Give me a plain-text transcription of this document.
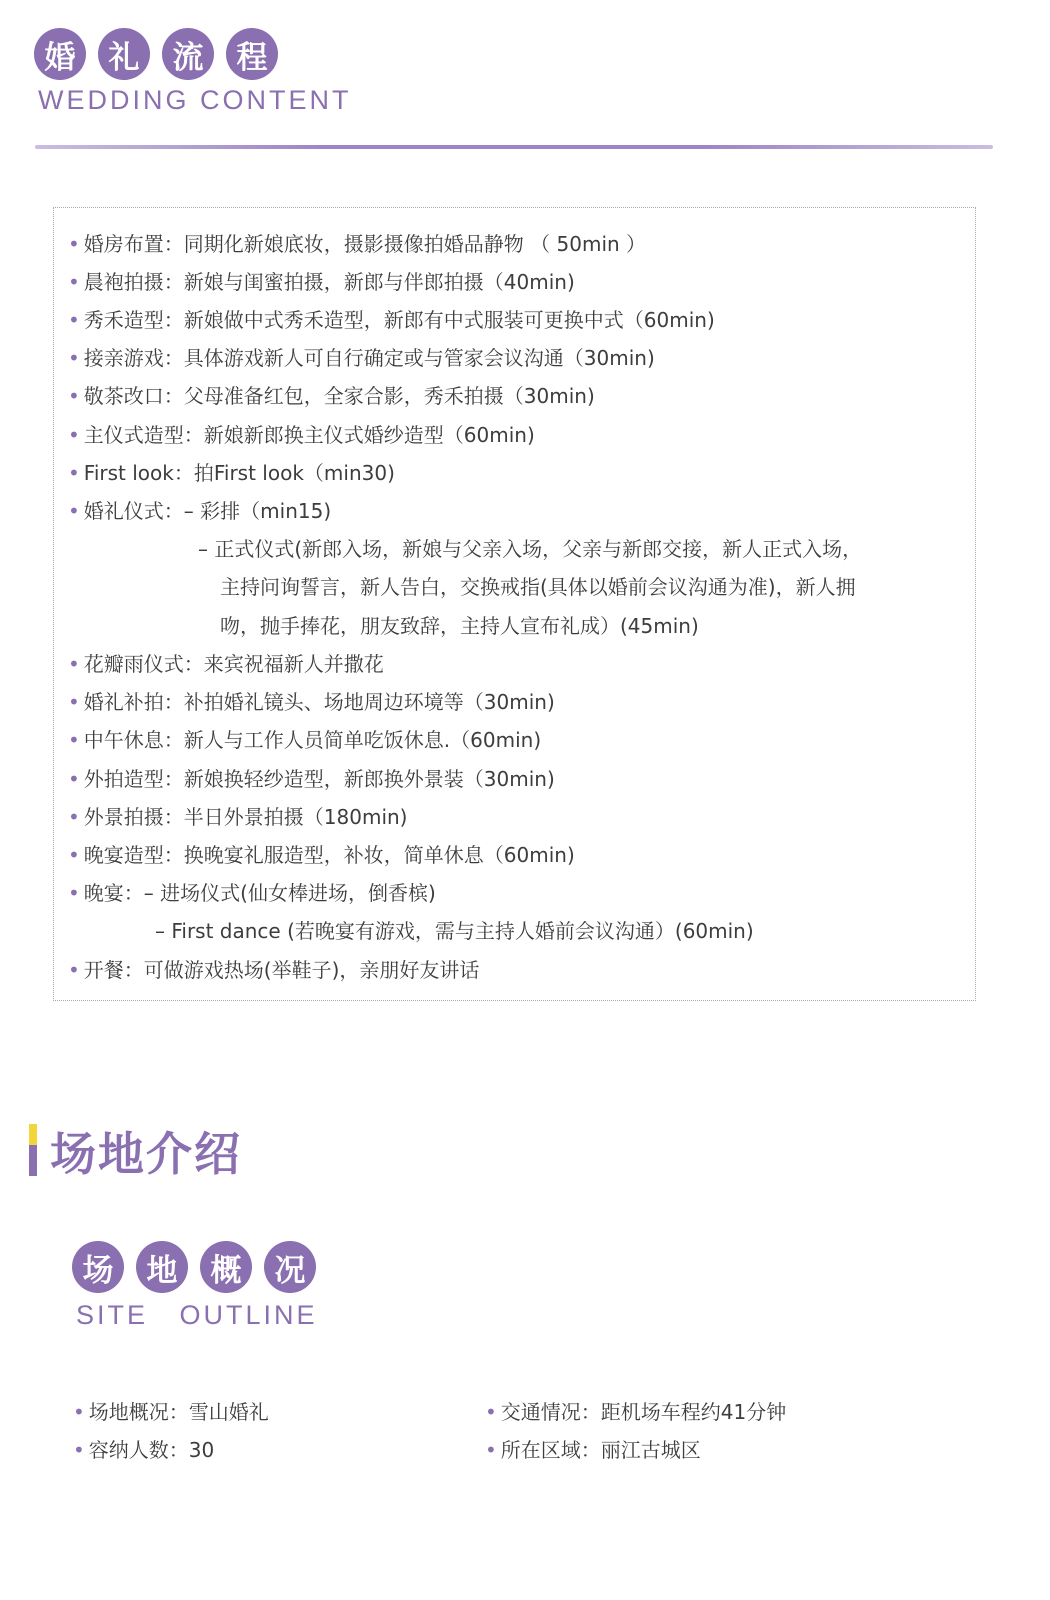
婚	礼	流	程
WEDDING CONTENT
• 婚房布置：同期化新娘底妆，摄影摄像拍婚品静物 （ 50min ）
• 晨袍拍摄：新娘与闺蜜拍摄，新郎与伴郎拍摄（40min)
• 秀禾造型：新娘做中式秀禾造型，新郎有中式服装可更换中式（60min)
• 接亲游戏：具体游戏新人可自行确定或与管家会议沟通（30min)
• 敬茶改口：父母准备红包，全家合影，秀禾拍摄（30min)
• 主仪式造型：新娘新郎换主仪式婚纱造型（60min)
• First look：拍First look（min30)
• 婚礼仪式：– 彩排（min15)
– 正式仪式(新郎入场，新娘与父亲入场，父亲与新郎交接，新人正式入场，
主持问询誓言，新人告白，交换戒指(具体以婚前会议沟通为准)，新人拥
吻，抛手捧花，朋友致辞，主持人宣布礼成）(45min)
• 花瓣雨仪式：来宾祝福新人并撒花
• 婚礼补拍：补拍婚礼镜头、场地周边环境等（30min)
• 中午休息：新人与工作人员简单吃饭休息.（60min)
• 外拍造型：新娘换轻纱造型，新郎换外景装（30min)
• 外景拍摄：半日外景拍摄（180min)
• 晚宴造型：换晚宴礼服造型，补妆，简单休息（60min)
• 晚宴：– 进场仪式(仙女棒进场，倒香槟)
– First dance (若晚宴有游戏，需与主持人婚前会议沟通）(60min)
• 开餐：可做游戏热场(举鞋子)，亲朋好友讲话
场地介绍
场	地	概	况
SITE   OUTLINE
• 场地概况：雪山婚礼	• 交通情况：距机场车程约41分钟
• 容纳人数：30	• 所在区域：丽江古城区
